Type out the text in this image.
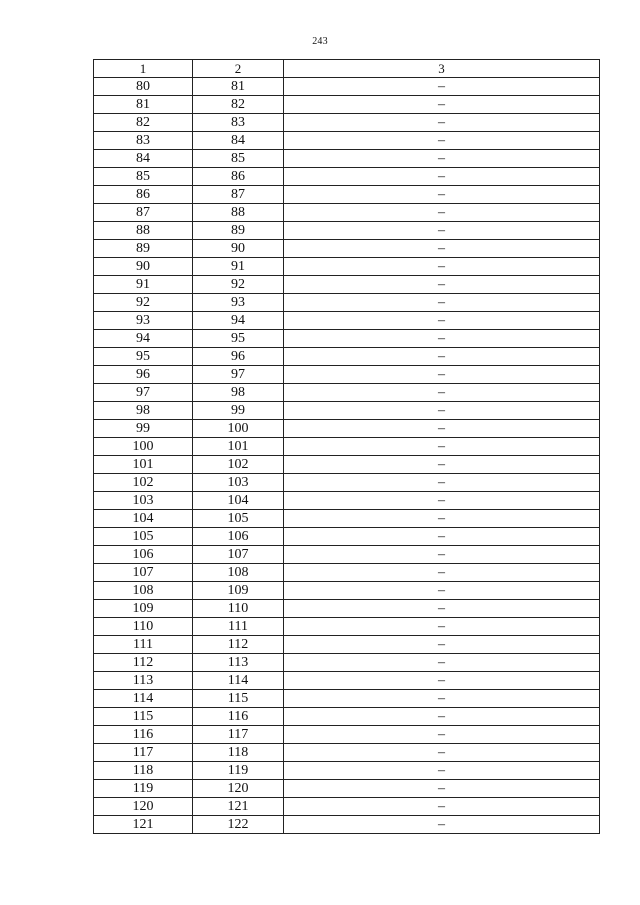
243
1	2	3
80	81	–
81	82	–
82	83	–
83	84	–
84	85	–
85	86	–
86	87	–
87	88	–
88	89	–
89	90	–
90	91	–
91	92	–
92	93	–
93	94	–
94	95	–
95	96	–
96	97	–
97	98	–
98	99	–
99	100	–
100	101	–
101	102	–
102	103	–
103	104	–
104	105	–
105	106	–
106	107	–
107	108	–
108	109	–
109	110	–
110	111	–
111	112	–
112	113	–
113	114	–
114	115	–
115	116	–
116	117	–
117	118	–
118	119	–
119	120	–
120	121	–
121	122	–
